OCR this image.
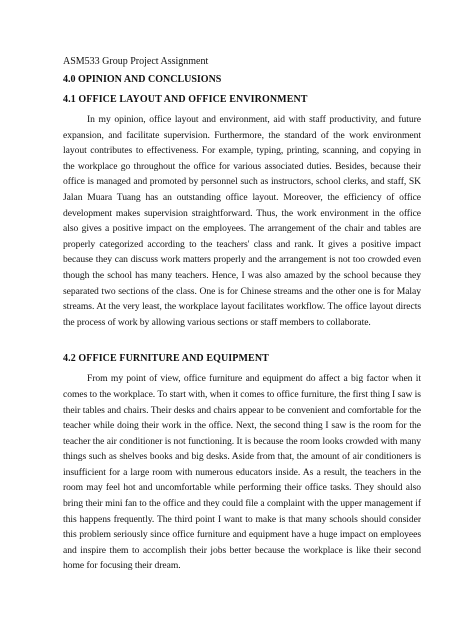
ASM533 Group Project Assignment

4.0 OPINION AND CONCLUSIONS

4.1 OFFICE LAYOUT AND OFFICE ENVIRONMENT

In my opinion, office layout and environment, aid with staff productivity, and future expansion, and facilitate supervision. Furthermore, the standard of the work environment layout contributes to effectiveness. For example, typing, printing, scanning, and copying in the workplace go throughout the office for various associated duties. Besides, because their office is managed and promoted by personnel such as instructors, school clerks, and staff, SK Jalan Muara Tuang has an outstanding office layout. Moreover, the efficiency of office development makes supervision straightforward. Thus, the work environment in the office also gives a positive impact on the employees. The arrangement of the chair and tables are properly categorized according to the teachers' class and rank. It gives a positive impact because they can discuss work matters properly and the arrangement is not too crowded even though the school has many teachers. Hence, I was also amazed by the school because they separated two sections of the class. One is for Chinese streams and the other one is for Malay streams. At the very least, the workplace layout facilitates workflow. The office layout directs the process of work by allowing various sections or staff members to collaborate.

4.2 OFFICE FURNITURE AND EQUIPMENT

From my point of view, office furniture and equipment do affect a big factor when it comes to the workplace. To start with, when it comes to office furniture, the first thing I saw is their tables and chairs. Their desks and chairs appear to be convenient and comfortable for the teacher while doing their work in the office. Next, the second thing I saw is the room for the teacher the air conditioner is not functioning. It is because the room looks crowded with many things such as shelves books and big desks. Aside from that, the amount of air conditioners is insufficient for a large room with numerous educators inside. As a result, the teachers in the room may feel hot and uncomfortable while performing their office tasks. They should also bring their mini fan to the office and they could file a complaint with the upper management if this happens frequently. The third point I want to make is that many schools should consider this problem seriously since office furniture and equipment have a huge impact on employees and inspire them to accomplish their jobs better because the workplace is like their second home for focusing their dream.
